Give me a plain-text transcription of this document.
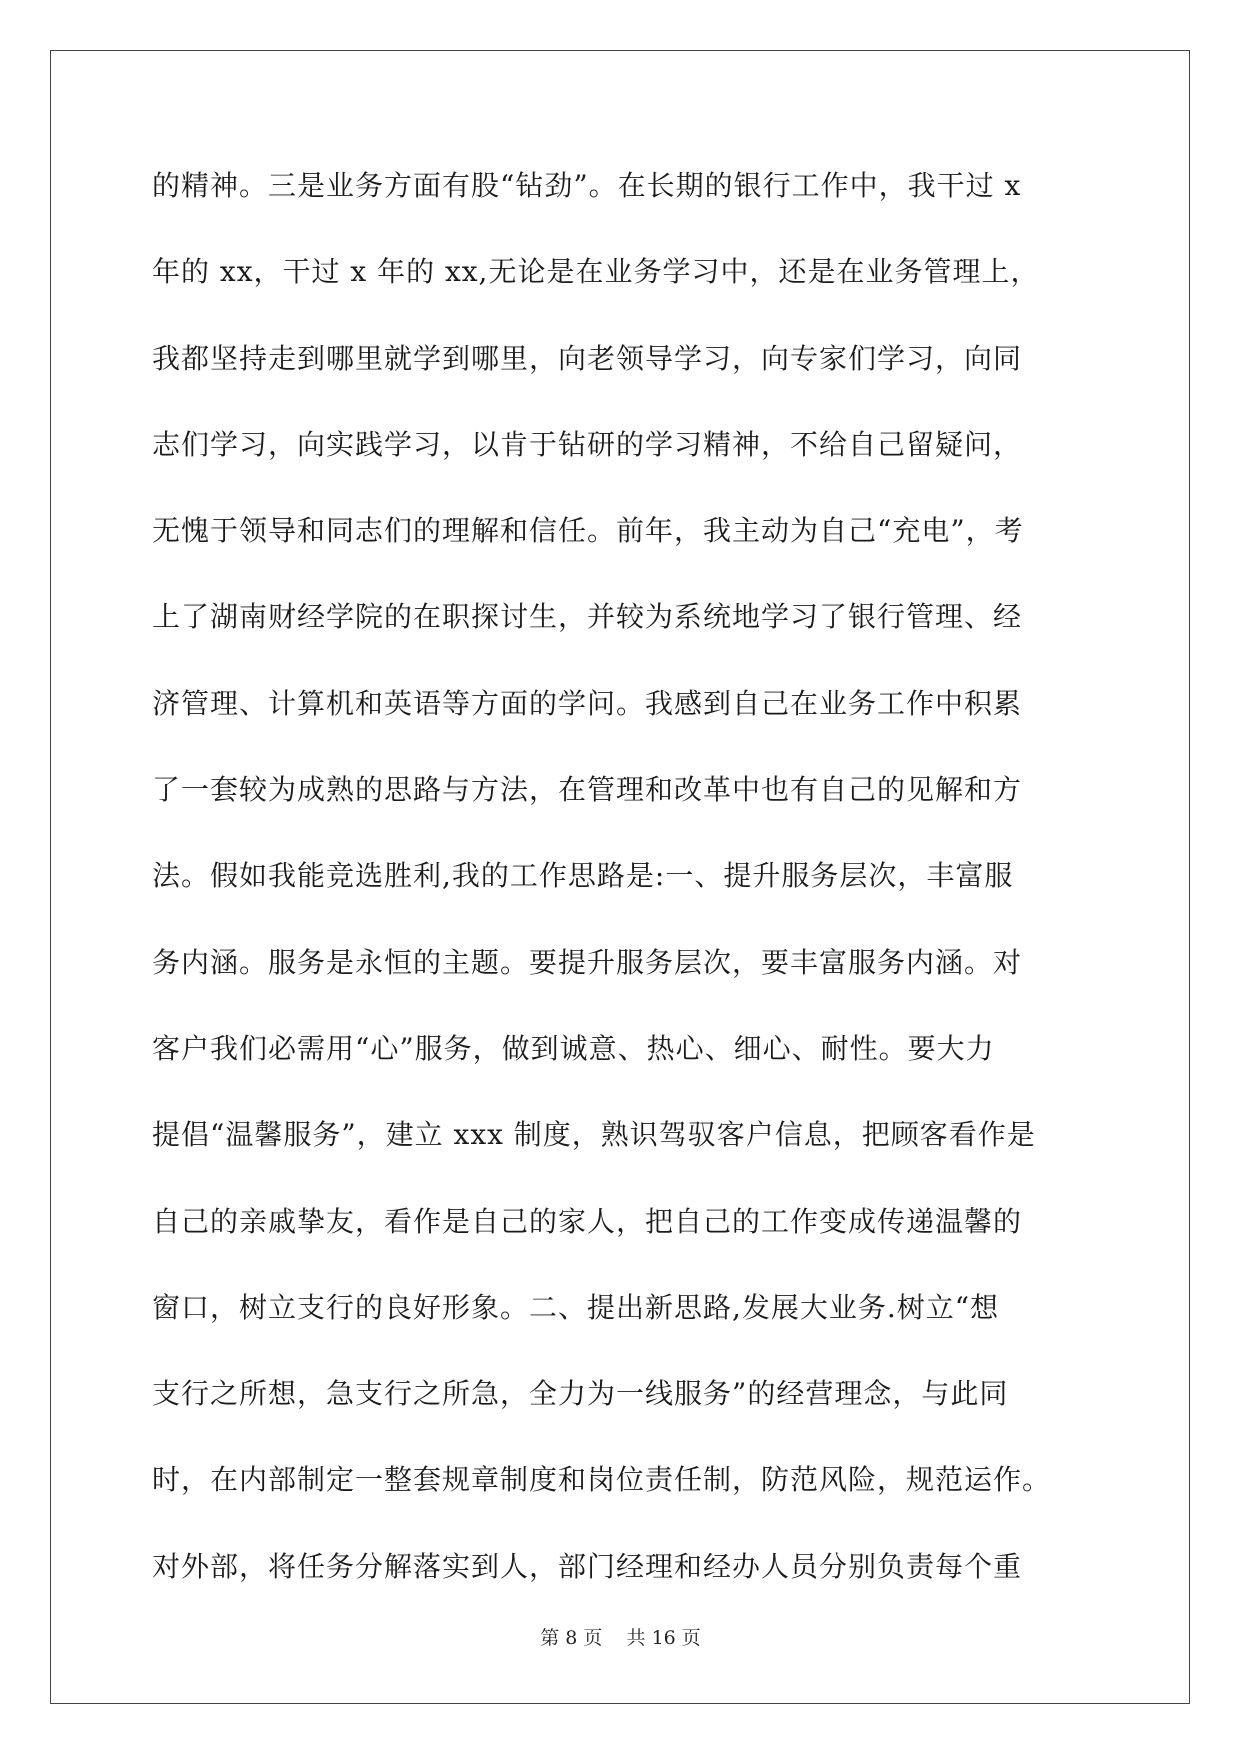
的精神。三是业务方面有股“钻劲”。在长期的银行工作中，我干过 x
年的 xx，干过 x 年的 xx,无论是在业务学习中，还是在业务管理上，
我都坚持走到哪里就学到哪里，向老领导学习，向专家们学习，向同
志们学习，向实践学习，以肯于钻研的学习精神，不给自己留疑问，
无愧于领导和同志们的理解和信任。前年，我主动为自己“充电”，考
上了湖南财经学院的在职探讨生，并较为系统地学习了银行管理、经
济管理、计算机和英语等方面的学问。我感到自己在业务工作中积累
了一套较为成熟的思路与方法，在管理和改革中也有自己的见解和方
法。假如我能竞选胜利,我的工作思路是:一、提升服务层次，丰富服
务内涵。服务是永恒的主题。要提升服务层次，要丰富服务内涵。对
客户我们必需用“心”服务，做到诚意、热心、细心、耐性。要大力
提倡“温馨服务”，建立 xxx 制度，熟识驾驭客户信息，把顾客看作是
自己的亲戚挚友，看作是自己的家人，把自己的工作变成传递温馨的
窗口，树立支行的良好形象。二、提出新思路,发展大业务.树立“想
支行之所想，急支行之所急，全力为一线服务”的经营理念，与此同
时，在内部制定一整套规章制度和岗位责任制，防范风险，规范运作。
对外部，将任务分解落实到人，部门经理和经办人员分别负责每个重
第 8 页 共 16 页
